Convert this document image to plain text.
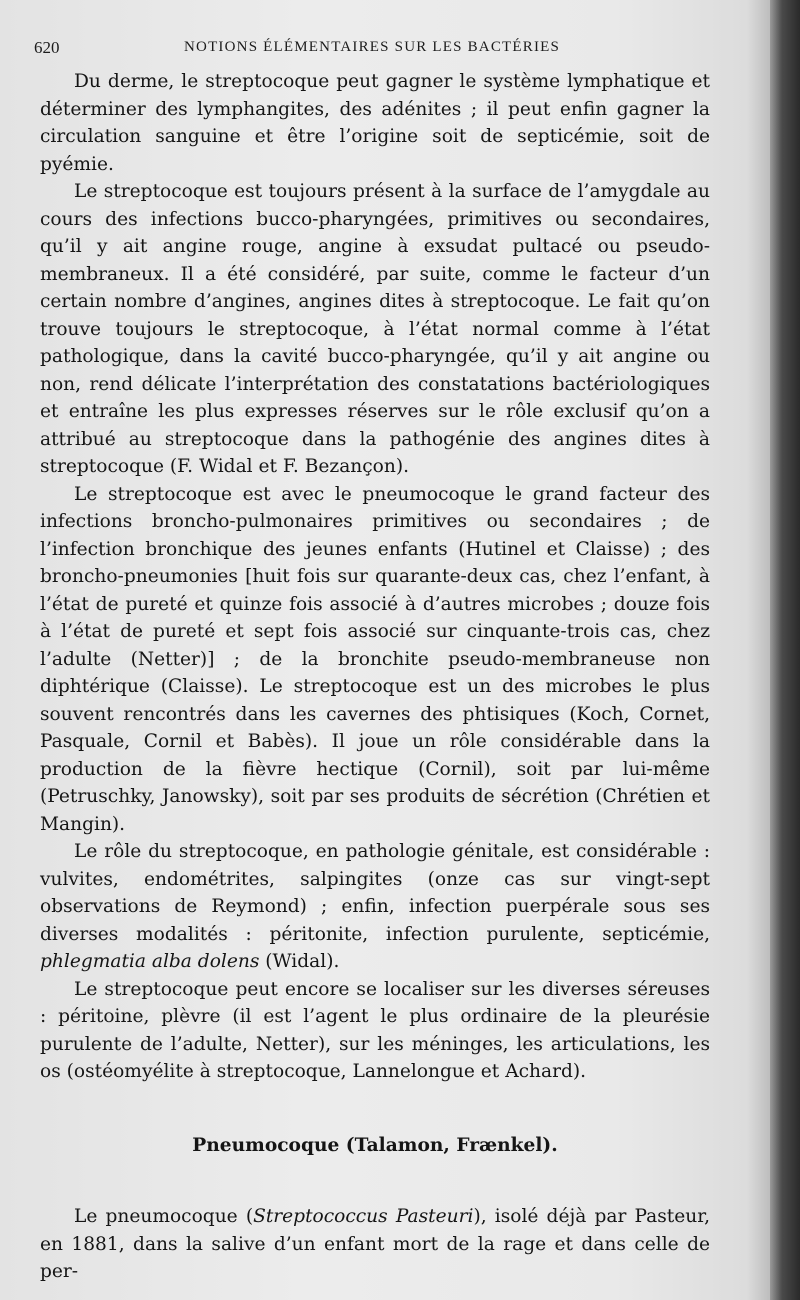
620	NOTIONS ÉLÉMENTAIRES SUR LES BACTÉRIES

Du derme, le streptocoque peut gagner le système lymphatique et déterminer des lymphangites, des adénites ; il peut enfin gagner la circulation sanguine et être l’origine soit de septicémie, soit de pyémie.

Le streptocoque est toujours présent à la surface de l’amygdale au cours des infections bucco-pharyngées, primitives ou secondaires, qu’il y ait angine rouge, angine à exsudat pultacé ou pseudo-membraneux. Il a été considéré, par suite, comme le facteur d’un certain nombre d’angines, angines dites à streptocoque. Le fait qu’on trouve toujours le streptocoque, à l’état normal comme à l’état pathologique, dans la cavité bucco-pharyngée, qu’il y ait angine ou non, rend délicate l’interprétation des constatations bactériologiques et entraîne les plus expresses réserves sur le rôle exclusif qu’on a attribué au streptocoque dans la pathogénie des angines dites à streptocoque (F. Widal et F. Bezançon).

Le streptocoque est avec le pneumocoque le grand facteur des infections broncho-pulmonaires primitives ou secondaires ; de l’infection bronchique des jeunes enfants (Hutinel et Claisse) ; des broncho-pneumonies [huit fois sur quarante-deux cas, chez l’enfant, à l’état de pureté et quinze fois associé à d’autres microbes ; douze fois à l’état de pureté et sept fois associé sur cinquante-trois cas, chez l’adulte (Netter)] ; de la bronchite pseudo-membraneuse non diphtérique (Claisse). Le streptocoque est un des microbes le plus souvent rencontrés dans les cavernes des phtisiques (Koch, Cornet, Pasquale, Cornil et Babès). Il joue un rôle considérable dans la production de la fièvre hectique (Cornil), soit par lui-même (Petruschky, Janowsky), soit par ses produits de sécrétion (Chrétien et Mangin).

Le rôle du streptocoque, en pathologie génitale, est considérable : vulvites, endométrites, salpingites (onze cas sur vingt-sept observations de Reymond) ; enfin, infection puerpérale sous ses diverses modalités : péritonite, infection purulente, septicémie, phlegmatia alba dolens (Widal).

Le streptocoque peut encore se localiser sur les diverses séreuses : péritoine, plèvre (il est l’agent le plus ordinaire de la pleurésie purulente de l’adulte, Netter), sur les méninges, les articulations, les os (ostéomyélite à streptocoque, Lannelongue et Achard).

Pneumocoque (Talamon, Frænkel).

Le pneumocoque (Streptococcus Pasteuri), isolé déjà par Pasteur, en 1881, dans la salive d’un enfant mort de la rage et dans celle de per-
